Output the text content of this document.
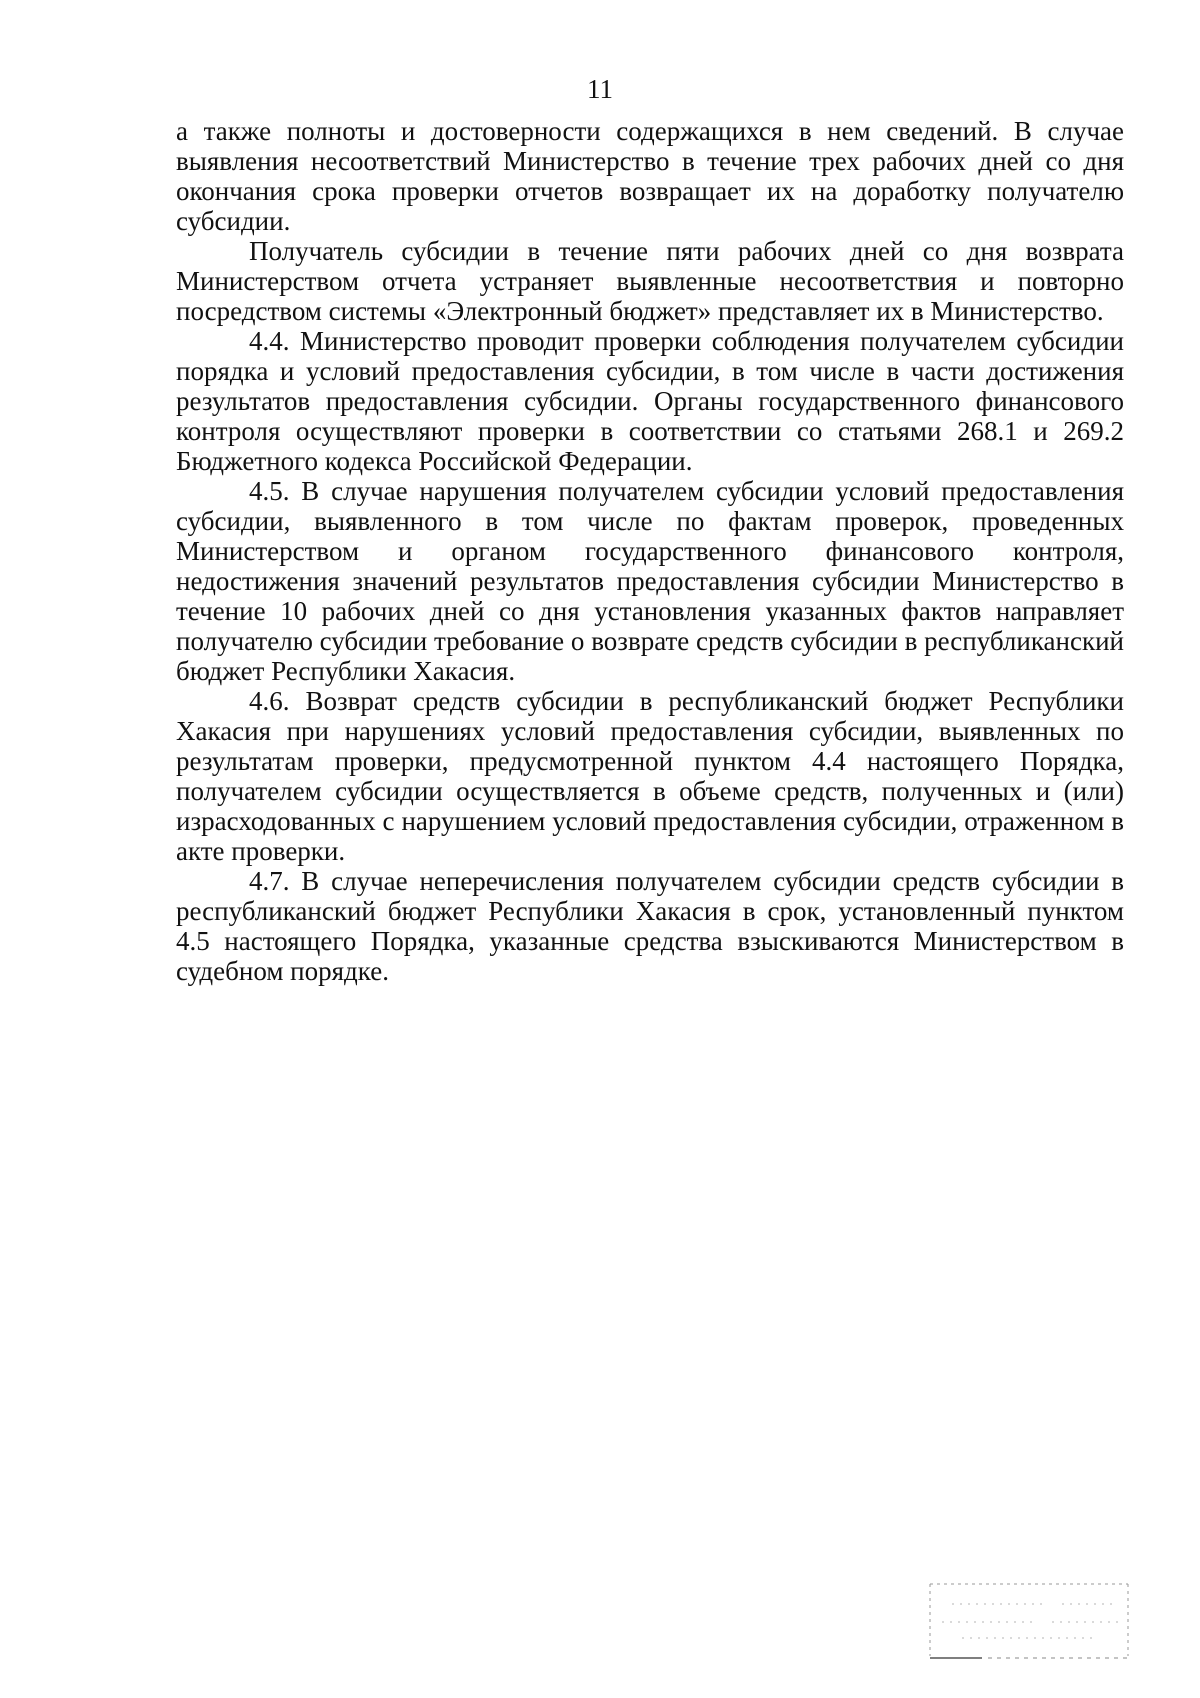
11

а также полноты и достоверности содержащихся в нем сведений. В случае выявления несоответствий Министерство в течение трех рабочих дней со дня окончания срока проверки отчетов возвращает их на доработку получателю субсидии.

Получатель субсидии в течение пяти рабочих дней со дня возврата Министерством отчета устраняет выявленные несоответствия и повторно посредством системы «Электронный бюджет» представляет их в Министерство.

4.4. Министерство проводит проверки соблюдения получателем субсидии порядка и условий предоставления субсидии, в том числе в части достижения результатов предоставления субсидии. Органы государственного финансового контроля осуществляют проверки в соответствии со статьями 268.1 и 269.2 Бюджетного кодекса Российской Федерации.

4.5. В случае нарушения получателем субсидии условий предоставления субсидии, выявленного в том числе по фактам проверок, проведенных Министерством и органом государственного финансового контроля, недостижения значений результатов предоставления субсидии Министерство в течение 10 рабочих дней со дня установления указанных фактов направляет получателю субсидии требование о возврате средств субсидии в республиканский бюджет Республики Хакасия.

4.6. Возврат средств субсидии в республиканский бюджет Республики Хакасия при нарушениях условий предоставления субсидии, выявленных по результатам проверки, предусмотренной пунктом 4.4 настоящего Порядка, получателем субсидии осуществляется в объеме средств, полученных и (или) израсходованных с нарушением условий предоставления субсидии, отраженном в акте проверки.

4.7. В случае неперечисления получателем субсидии средств субсидии в республиканский бюджет Республики Хакасия в срок, установленный пунктом 4.5 настоящего Порядка, указанные средства взыскиваются Министерством в судебном порядке.
